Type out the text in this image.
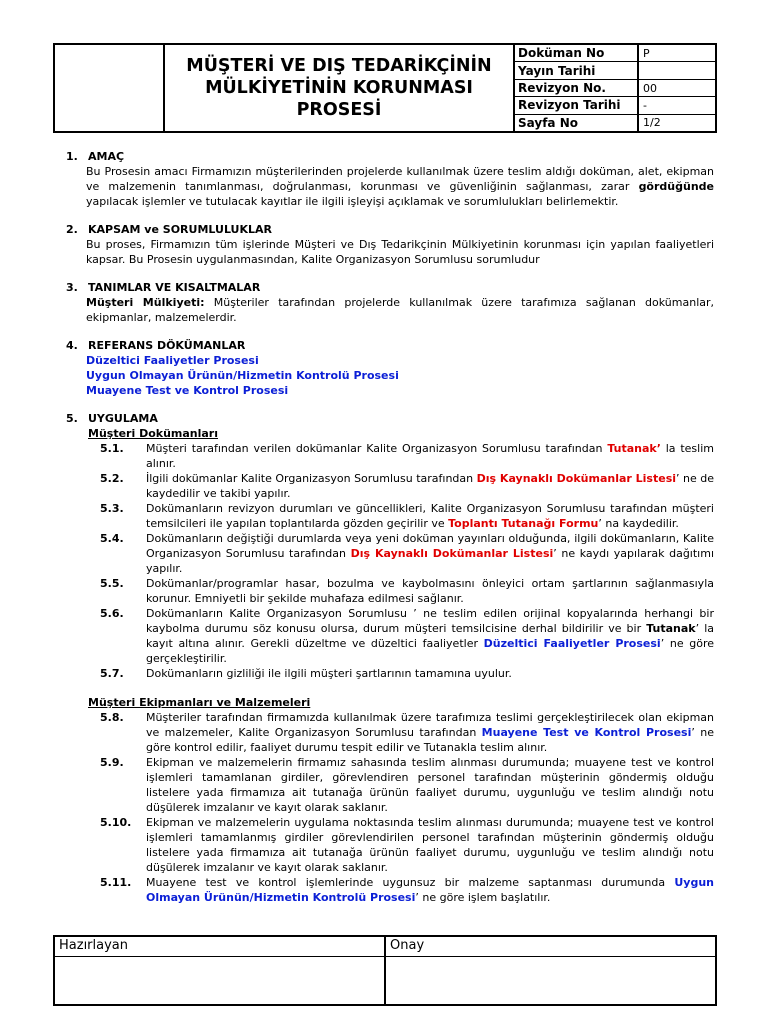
MÜŞTERİ VE DIŞ TEDARİKÇİNİN
MÜLKİYETİNİN KORUNMASI
PROSESİ
Doküman No	P
Yayın Tarihi
Revizyon No.	00
Revizyon Tarihi	-
Sayfa No	1/2
1. AMAÇ
Bu Prosesin amacı Firmamızın müşterilerinden projelerde kullanılmak üzere teslim aldığı doküman, alet, ekipman ve malzemenin tanımlanması, doğrulanması, korunması ve güvenliğinin sağlanması, zarar gördüğünde yapılacak işlemler ve tutulacak kayıtlar ile ilgili işleyişi açıklamak ve sorumlulukları belirlemektir.
2. KAPSAM ve SORUMLULUKLAR
Bu proses, Firmamızın tüm işlerinde Müşteri ve Dış Tedarikçinin Mülkiyetinin korunması için yapılan faaliyetleri kapsar. Bu Prosesin uygulanmasından, Kalite Organizasyon Sorumlusu sorumludur
3. TANIMLAR VE KISALTMALAR
Müşteri Mülkiyeti: Müşteriler tarafından projelerde kullanılmak üzere tarafımıza sağlanan dokümanlar, ekipmanlar, malzemelerdir.
4. REFERANS DÖKÜMANLAR
Düzeltici Faaliyetler Prosesi
Uygun Olmayan Ürünün/Hizmetin Kontrolü Prosesi
Muayene Test ve Kontrol Prosesi
5. UYGULAMA
Müşteri Dokümanları
5.1.	Müşteri tarafından verilen dokümanlar Kalite Organizasyon Sorumlusu tarafından Tutanak’ la teslim alınır.
5.2.	İlgili dokümanlar Kalite Organizasyon Sorumlusu tarafından Dış Kaynaklı Dokümanlar Listesi’ ne de kaydedilir ve takibi yapılır.
5.3.	Dokümanların revizyon durumları ve güncellikleri, Kalite Organizasyon Sorumlusu tarafından müşteri temsilcileri ile yapılan toplantılarda gözden geçirilir ve Toplantı Tutanağı Formu’ na kaydedilir.
5.4.	Dokümanların değiştiği durumlarda veya yeni doküman yayınları olduğunda, ilgili dokümanların, Kalite Organizasyon Sorumlusu tarafından Dış Kaynaklı Dokümanlar Listesi’ ne kaydı yapılarak dağıtımı yapılır.
5.5.	Dokümanlar/programlar hasar, bozulma ve kaybolmasını önleyici ortam şartlarının sağlanmasıyla korunur. Emniyetli bir şekilde muhafaza edilmesi sağlanır.
5.6.	Dokümanların Kalite Organizasyon Sorumlusu ’ ne teslim edilen orijinal kopyalarında herhangi bir kaybolma durumu söz konusu olursa, durum müşteri temsilcisine derhal bildirilir ve bir Tutanak’ la kayıt altına alınır. Gerekli düzeltme ve düzeltici faaliyetler Düzeltici Faaliyetler Prosesi’ ne göre gerçekleştirilir.
5.7.	Dokümanların gizliliği ile ilgili müşteri şartlarının tamamına uyulur.
Müşteri Ekipmanları ve Malzemeleri
5.8.	Müşteriler tarafından firmamızda kullanılmak üzere tarafımıza teslimi gerçekleştirilecek olan ekipman ve malzemeler, Kalite Organizasyon Sorumlusu tarafından Muayene Test ve Kontrol Prosesi’ ne göre kontrol edilir, faaliyet durumu tespit edilir ve Tutanakla teslim alınır.
5.9.	Ekipman ve malzemelerin firmamız sahasında teslim alınması durumunda; muayene test ve kontrol işlemleri tamamlanan girdiler, görevlendiren personel tarafından müşterinin göndermiş olduğu listelere yada firmamıza ait tutanağa ürünün faaliyet durumu, uygunluğu ve teslim alındığı notu düşülerek imzalanır ve kayıt olarak saklanır.
5.10.	Ekipman ve malzemelerin uygulama noktasında teslim alınması durumunda; muayene test ve kontrol işlemleri tamamlanmış girdiler görevlendirilen personel tarafından müşterinin göndermiş olduğu listelere yada firmamıza ait tutanağa ürünün faaliyet durumu, uygunluğu ve teslim alındığı notu düşülerek imzalanır ve kayıt olarak saklanır.
5.11.	Muayene test ve kontrol işlemlerinde uygunsuz bir malzeme saptanması durumunda Uygun Olmayan Ürünün/Hizmetin Kontrolü Prosesi’ ne göre işlem başlatılır.
Hazırlayan	Onay
